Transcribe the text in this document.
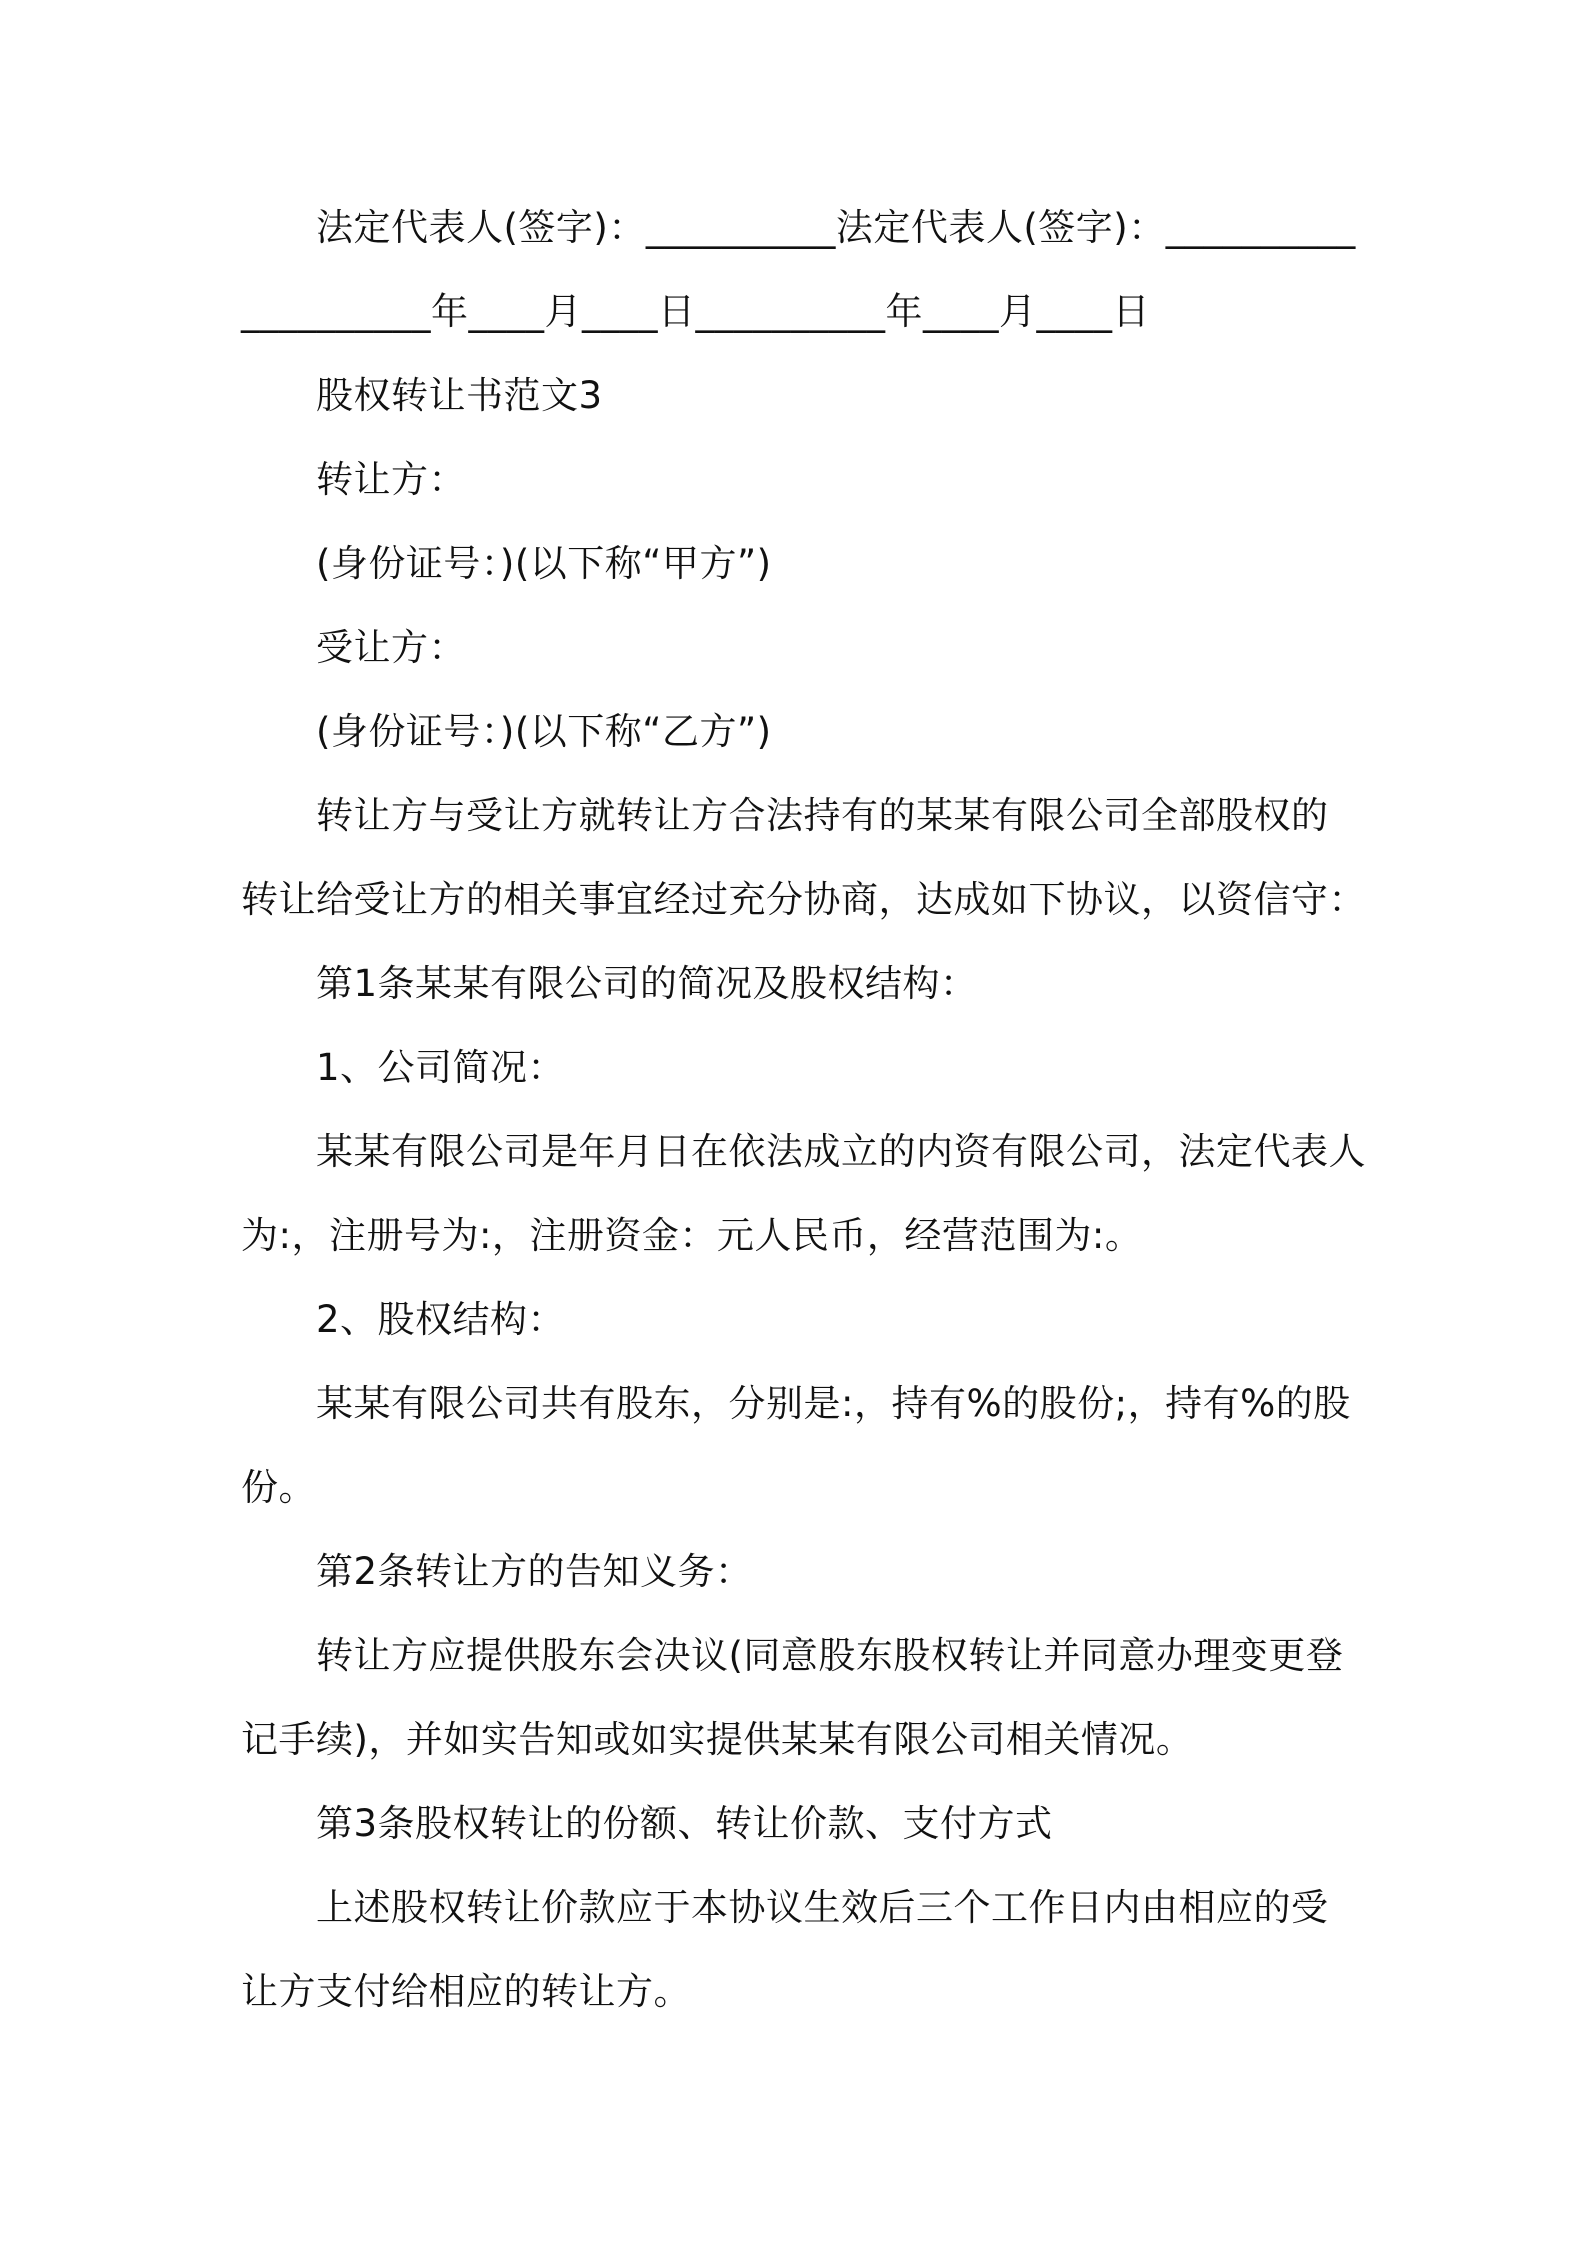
法定代表人(签字)：__________法定代表人(签字)：__________
__________年____月____日__________年____月____日
股权转让书范文3
转让方：
(身份证号：)(以下称“甲方”)
受让方：
(身份证号：)(以下称“乙方”)
转让方与受让方就转让方合法持有的某某有限公司全部股权的
转让给受让方的相关事宜经过充分协商，达成如下协议，以资信守：
第1条某某有限公司的简况及股权结构：
1、公司简况：
某某有限公司是年月日在依法成立的内资有限公司，法定代表人
为:，注册号为:，注册资金：元人民币，经营范围为:。
2、股权结构：
某某有限公司共有股东，分别是:，持有%的股份;，持有%的股
份。
第2条转让方的告知义务：
转让方应提供股东会决议(同意股东股权转让并同意办理变更登
记手续)，并如实告知或如实提供某某有限公司相关情况。
第3条股权转让的份额、转让价款、支付方式
上述股权转让价款应于本协议生效后三个工作日内由相应的受
让方支付给相应的转让方。
